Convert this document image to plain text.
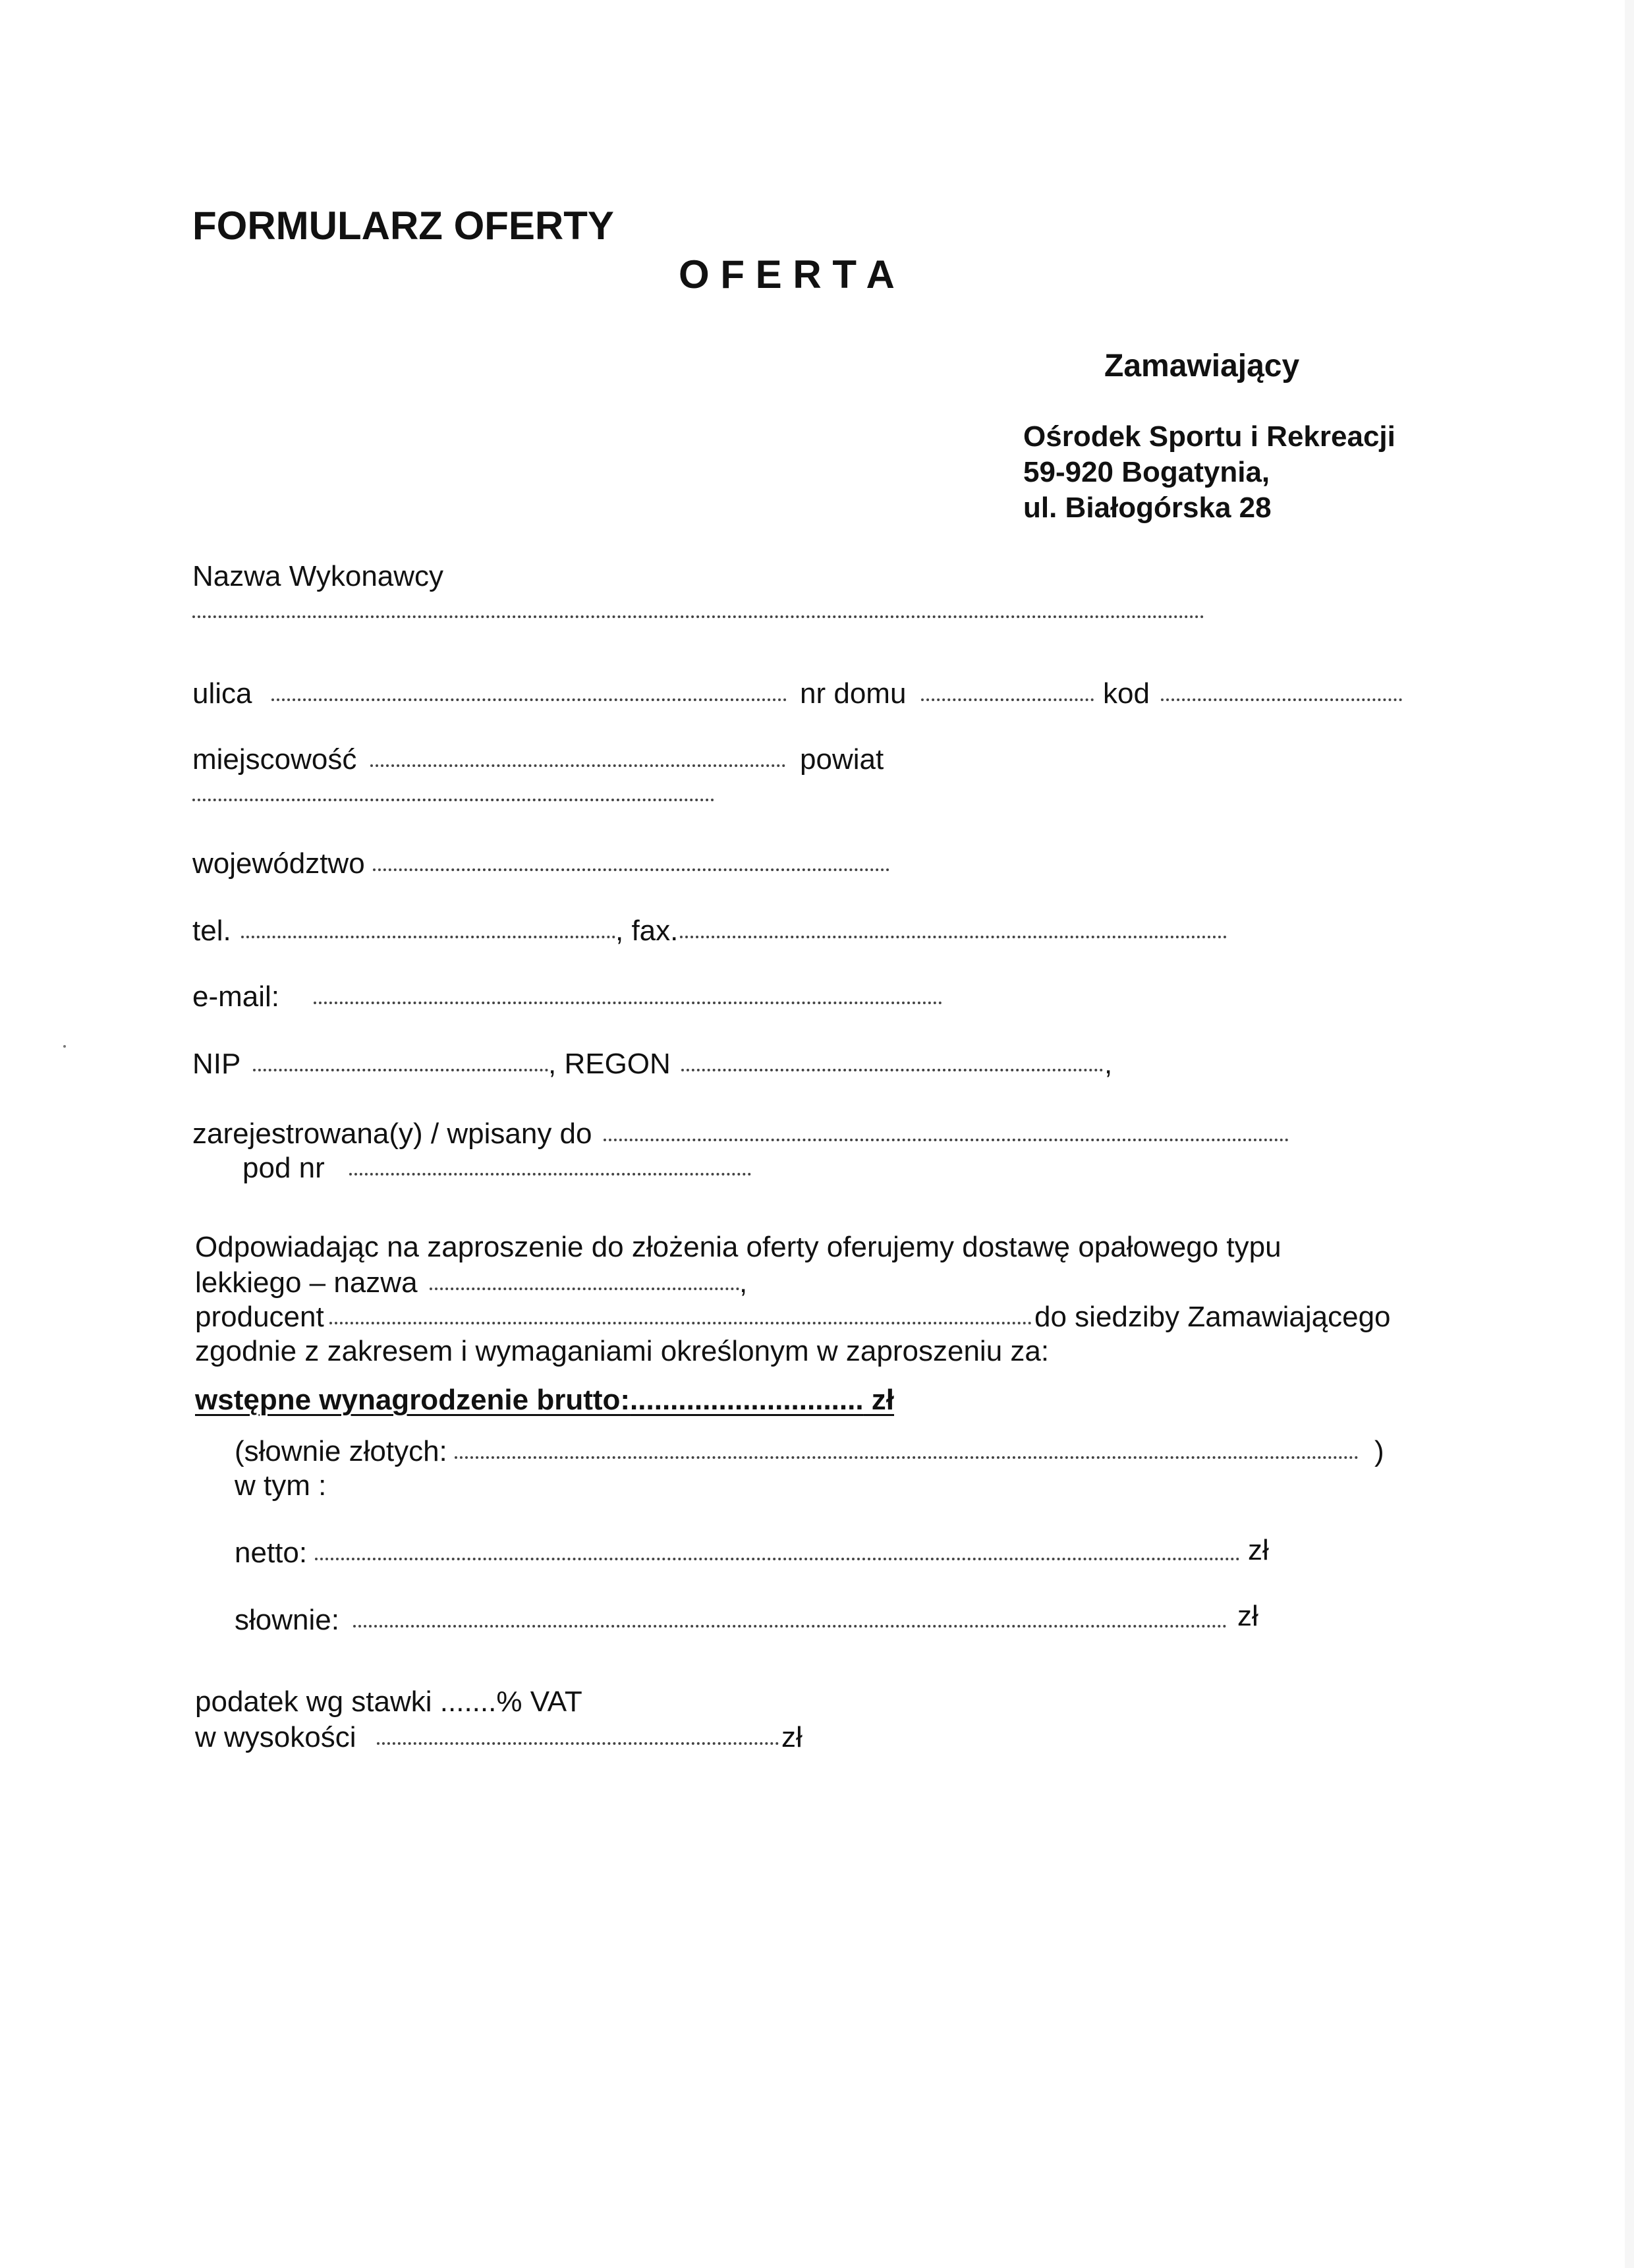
FORMULARZ OFERTY
O F E R T A
Zamawiający
Ośrodek Sportu i Rekreacji
59-920 Bogatynia,
ul. Białogórska 28
Nazwa Wykonawcy
ulica	nr domu	kod
miejscowość	powiat
województwo
tel.	, fax.
e-mail:
NIP	, REGON	,
zarejestrowana(y) / wpisany do
pod nr
Odpowiadając na zaproszenie do złożenia oferty oferujemy dostawę opałowego typu
lekkiego – nazwa	,
producent	do siedziby Zamawiającego
zgodnie z zakresem i wymaganiami określonym w zaproszeniu za:
wstępne wynagrodzenie brutto:............................. zł
(słownie złotych:	)
w tym :
netto:	zł
słownie:	zł
podatek wg stawki .......% VAT
w wysokości	zł
